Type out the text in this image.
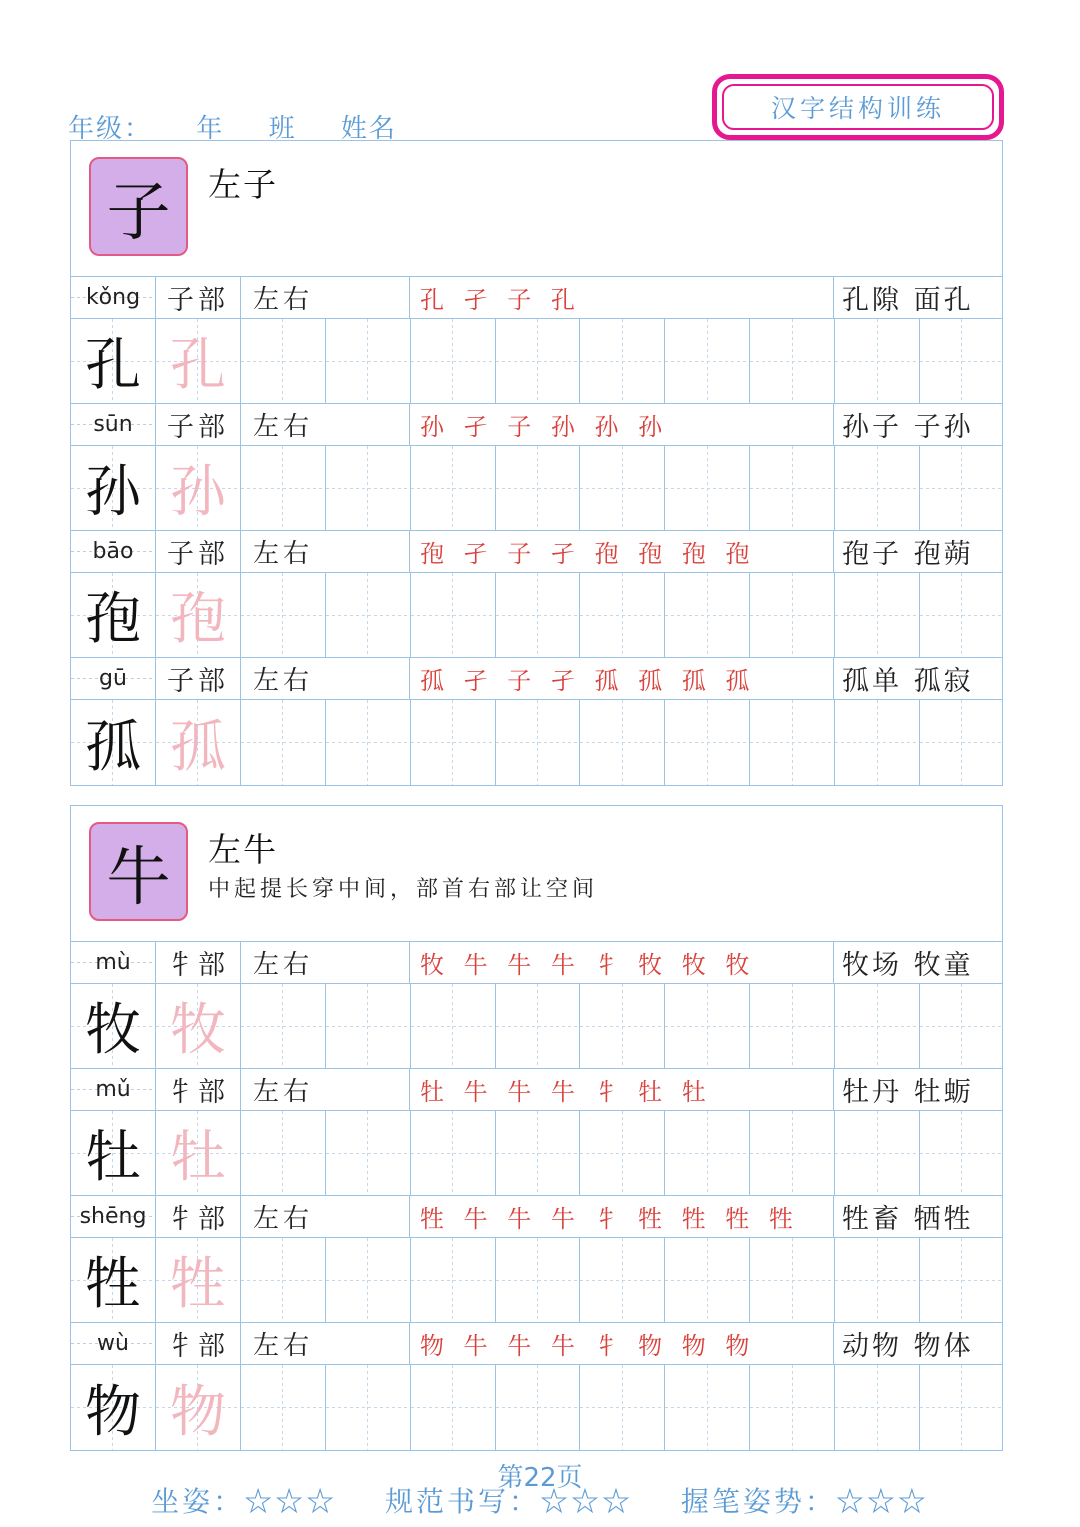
年级： 年 班 姓名
汉字结构训练
子	左子
kǒng 子部 左右	孔 孑 子 孔	孔隙 面孔
孔 孔
sūn	子部 左右	孙 孑 子 孙 孙 孙	孙子 子孙
孙 孙
bāo	子部 左右	孢 孑 子 孑 孢 孢 孢 孢	孢子 孢蒴
孢 孢
gū	子部 左右	孤 孑 子 孑 孤 孤 孤 孤	孤单 孤寂
孤 孤
牛	左牛
中起提长穿中间，部首右部让空间
mù	牜部 左右	牧 牛 牛 牛 牜 牧 牧 牧	牧场 牧童
牧 牧
mǔ	牜部 左右	牡 牛 牛 牛 牜 牡 牡	牡丹 牡蛎
牡 牡
shēng 牜部 左右	牲 牛 牛 牛 牜 牲 牲 牲 牲	牲畜 牺牲
牲 牲
wù	牜部 左右	物 牛 牛 牛 牜 物 物 物	动物 物体
物 物
第22页
坐姿：☆☆☆ 规范书写：☆☆☆ 握笔姿势：☆☆☆
